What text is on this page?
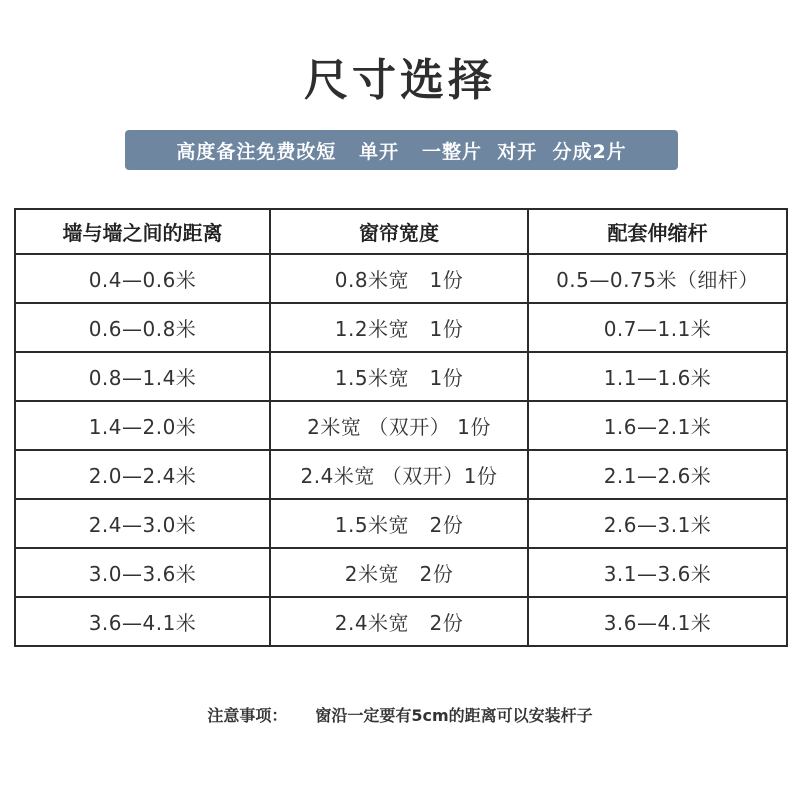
尺寸选择
高度备注免费改短   单开   一整片  对开  分成2片
墙与墙之间的距离	窗帘宽度	配套伸缩杆
0.4—0.6米	0.8米宽　1份	0.5—0.75米（细杆）
0.6—0.8米	1.2米宽　1份	0.7—1.1米
0.8—1.4米	1.5米宽　1份	1.1—1.6米
1.4—2.0米	2米宽 （双开） 1份	1.6—2.1米
2.0—2.4米	2.4米宽 （双开）1份	2.1—2.6米
2.4—3.0米	1.5米宽　2份	2.6—3.1米
3.0—3.6米	2米宽　2份	3.1—3.6米
3.6—4.1米	2.4米宽　2份	3.6—4.1米
注意事项： 窗沿一定要有5cm的距离可以安装杆子
